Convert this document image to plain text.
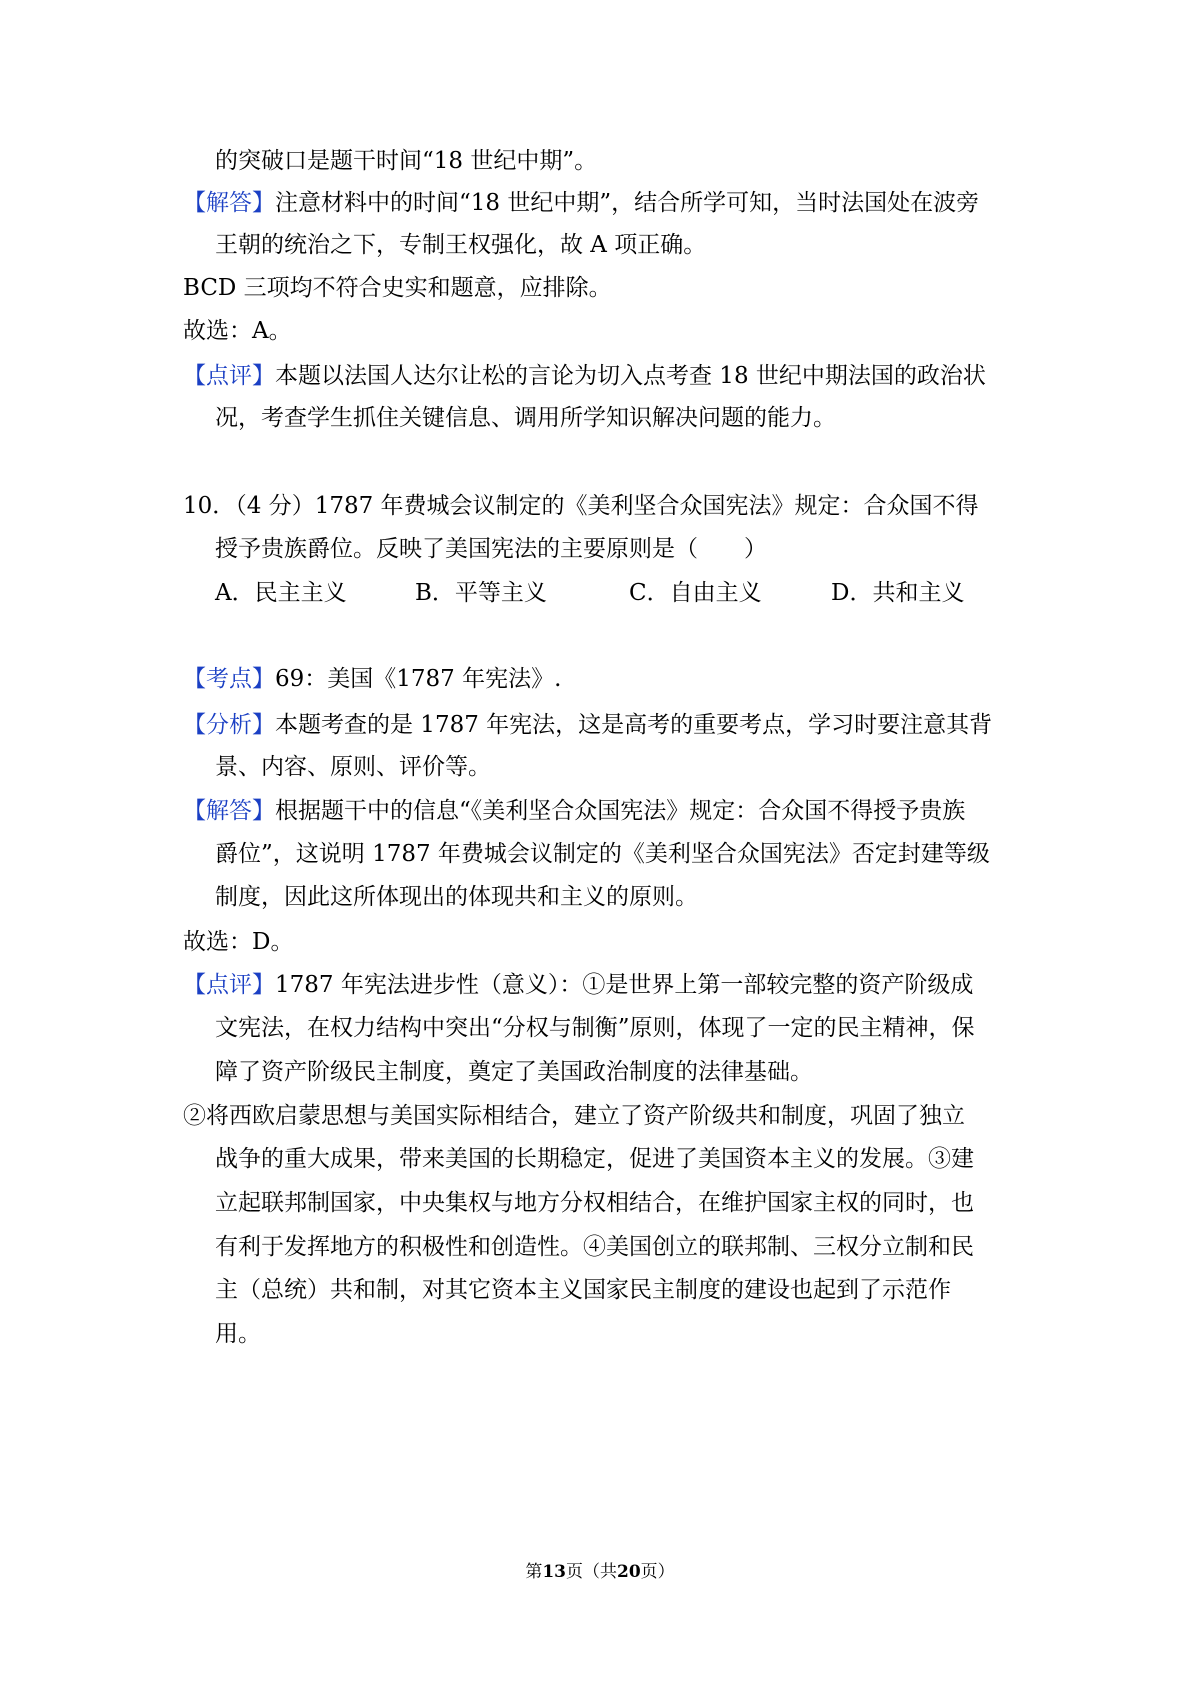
的突破口是题干时间“18 世纪中期”。
【解答】注意材料中的时间“18 世纪中期”，结合所学可知，当时法国处在波旁
王朝的统治之下，专制王权强化，故 A 项正确。
BCD 三项均不符合史实和题意，应排除。
故选：A。
【点评】本题以法国人达尔让松的言论为切入点考查 18 世纪中期法国的政治状
况，考查学生抓住关键信息、调用所学知识解决问题的能力。
10．（4 分）1787 年费城会议制定的《美利坚合众国宪法》规定：合众国不得
授予贵族爵位。反映了美国宪法的主要原则是（　　）
A．民主主义	B．平等主义	C．自由主义	D．共和主义
【考点】69：美国《1787 年宪法》.
【分析】本题考查的是 1787 年宪法，这是高考的重要考点，学习时要注意其背
景、内容、原则、评价等。
【解答】根据题干中的信息“《美利坚合众国宪法》规定：合众国不得授予贵族
爵位”，这说明 1787 年费城会议制定的《美利坚合众国宪法》否定封建等级
制度，因此这所体现出的体现共和主义的原则。
故选：D。
【点评】1787 年宪法进步性（意义）：①是世界上第一部较完整的资产阶级成
文宪法，在权力结构中突出“分权与制衡”原则，体现了一定的民主精神，保
障了资产阶级民主制度，奠定了美国政治制度的法律基础。
②将西欧启蒙思想与美国实际相结合，建立了资产阶级共和制度，巩固了独立
战争的重大成果，带来美国的长期稳定，促进了美国资本主义的发展。③建
立起联邦制国家，中央集权与地方分权相结合，在维护国家主权的同时，也
有利于发挥地方的积极性和创造性。④美国创立的联邦制、三权分立制和民
主（总统）共和制，对其它资本主义国家民主制度的建设也起到了示范作
用。
第13页（共20页）
